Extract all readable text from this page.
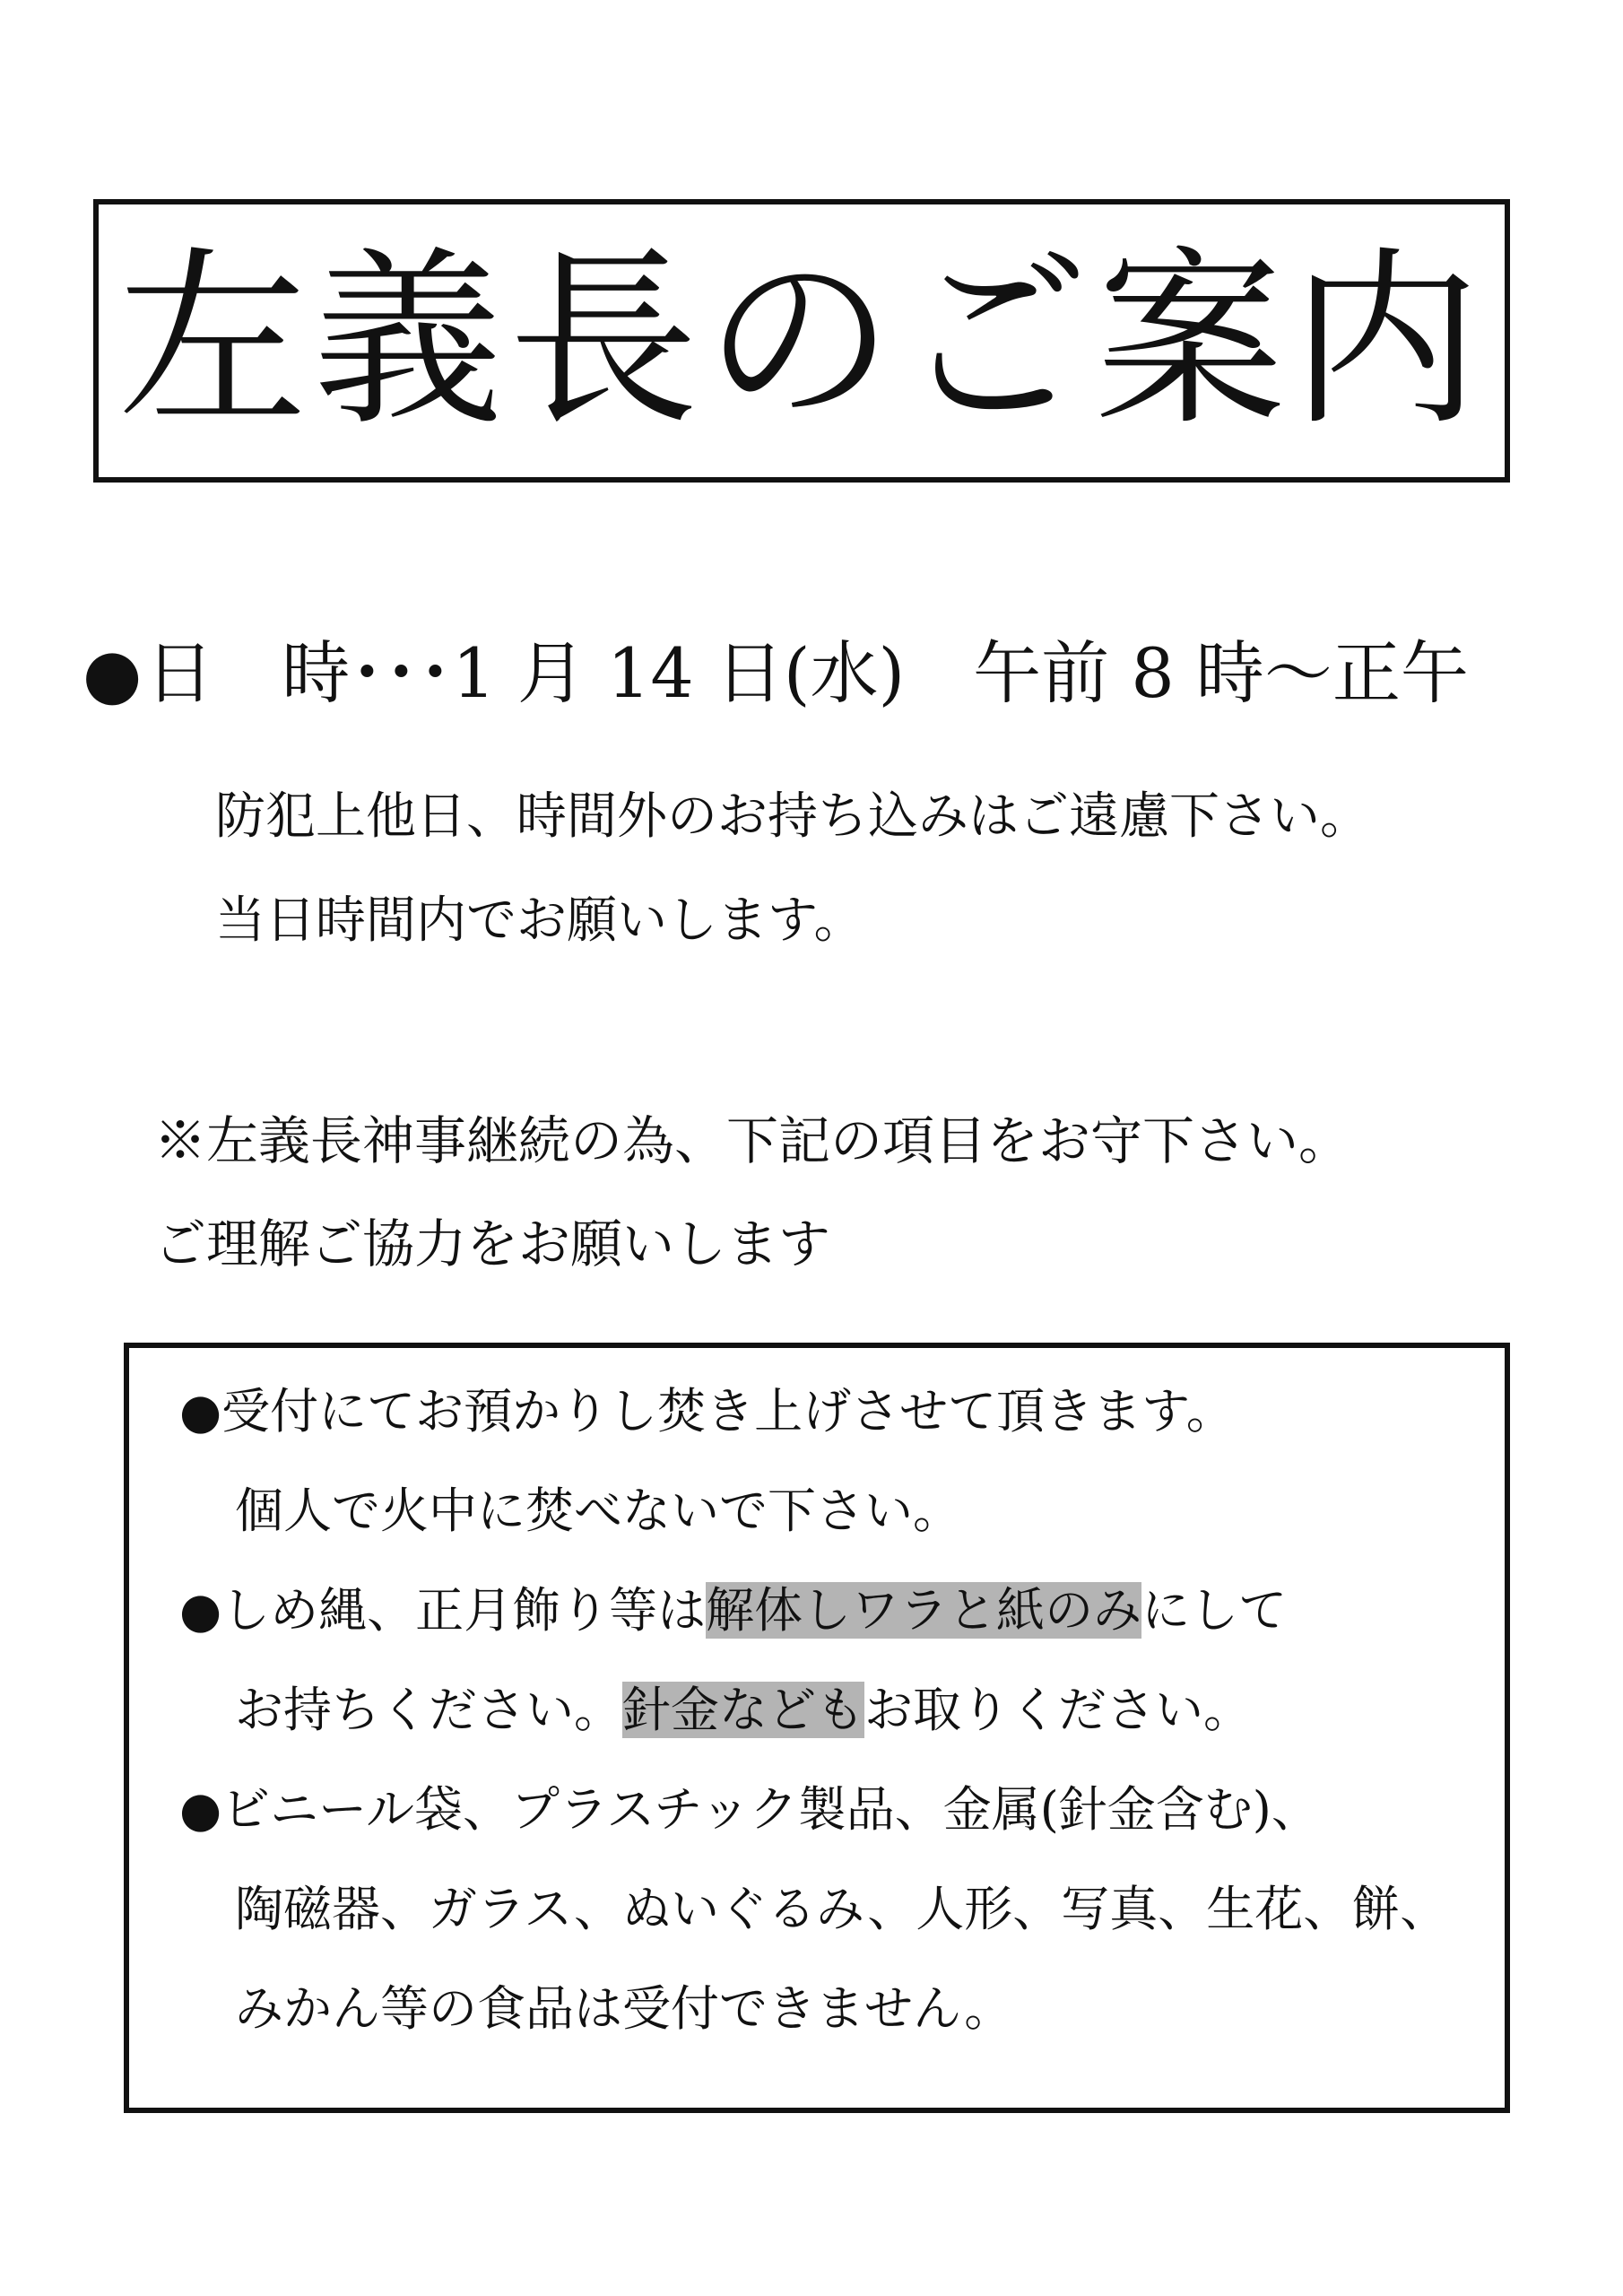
左義長のご案内
●日　時･･･1 月 14 日(水)　午前 8 時～正午
防犯上他日、時間外のお持ち込みはご遠慮下さい。
当日時間内でお願いします。
※左義長神事継続の為、下記の項目をお守下さい。
ご理解ご協力をお願いします
●受付にてお預かりし焚き上げさせて頂きます。
個人で火中に焚べないで下さい。
●しめ縄、正月飾り等は解体しワラと紙のみにして
お持ちください。針金などもお取りください。
●ビニール袋、プラスチック製品、金属(針金含む)、
陶磁器、ガラス、ぬいぐるみ、人形、写真、生花、餅、
みかん等の食品は受付できません。
